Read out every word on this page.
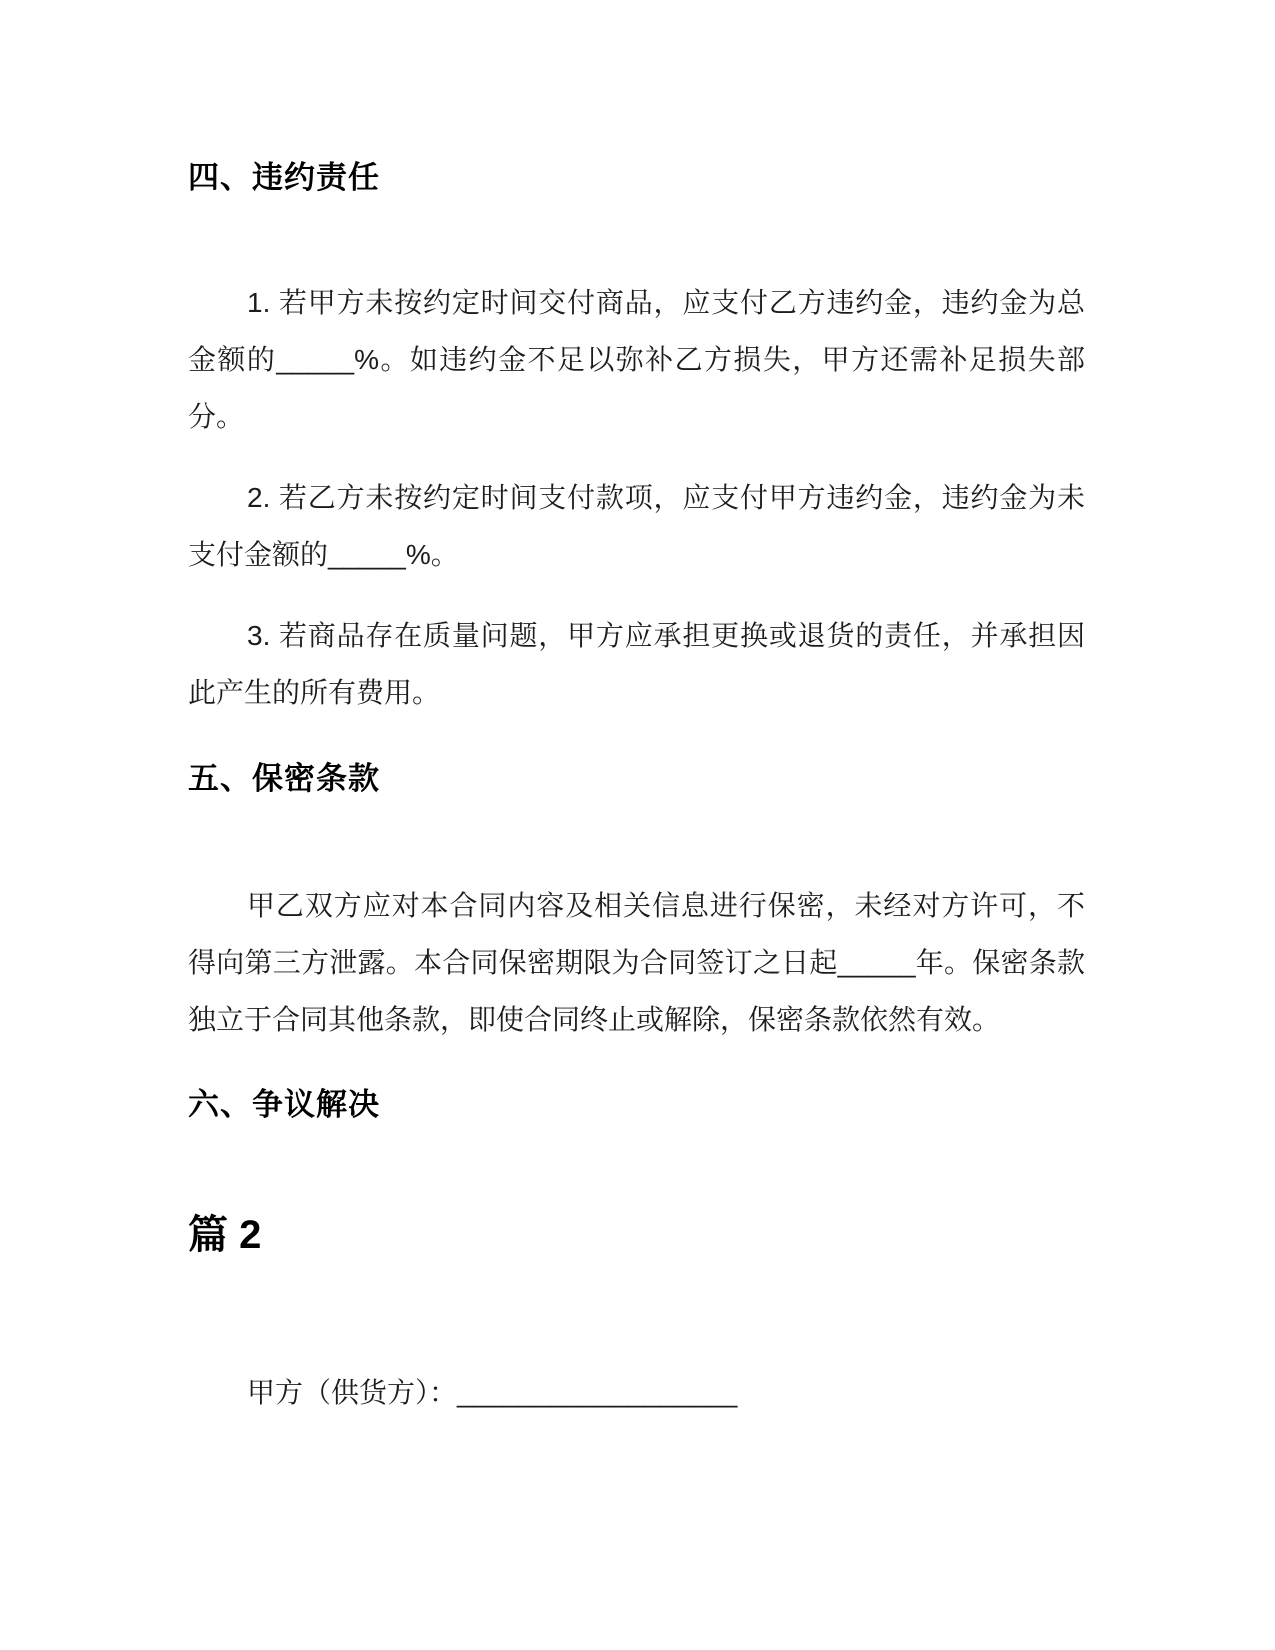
四、违约责任

1. 若甲方未按约定时间交付商品，应支付乙方违约金，违约金为总金额的_____%。如违约金不足以弥补乙方损失，甲方还需补足损失部分。

2. 若乙方未按约定时间支付款项，应支付甲方违约金，违约金为未支付金额的_____%。

3. 若商品存在质量问题，甲方应承担更换或退货的责任，并承担因此产生的所有费用。

五、保密条款

甲乙双方应对本合同内容及相关信息进行保密，未经对方许可，不得向第三方泄露。本合同保密期限为合同签订之日起_____年。保密条款独立于合同其他条款，即使合同终止或解除，保密条款依然有效。

六、争议解决
篇 2

甲方（供货方）：__________________
